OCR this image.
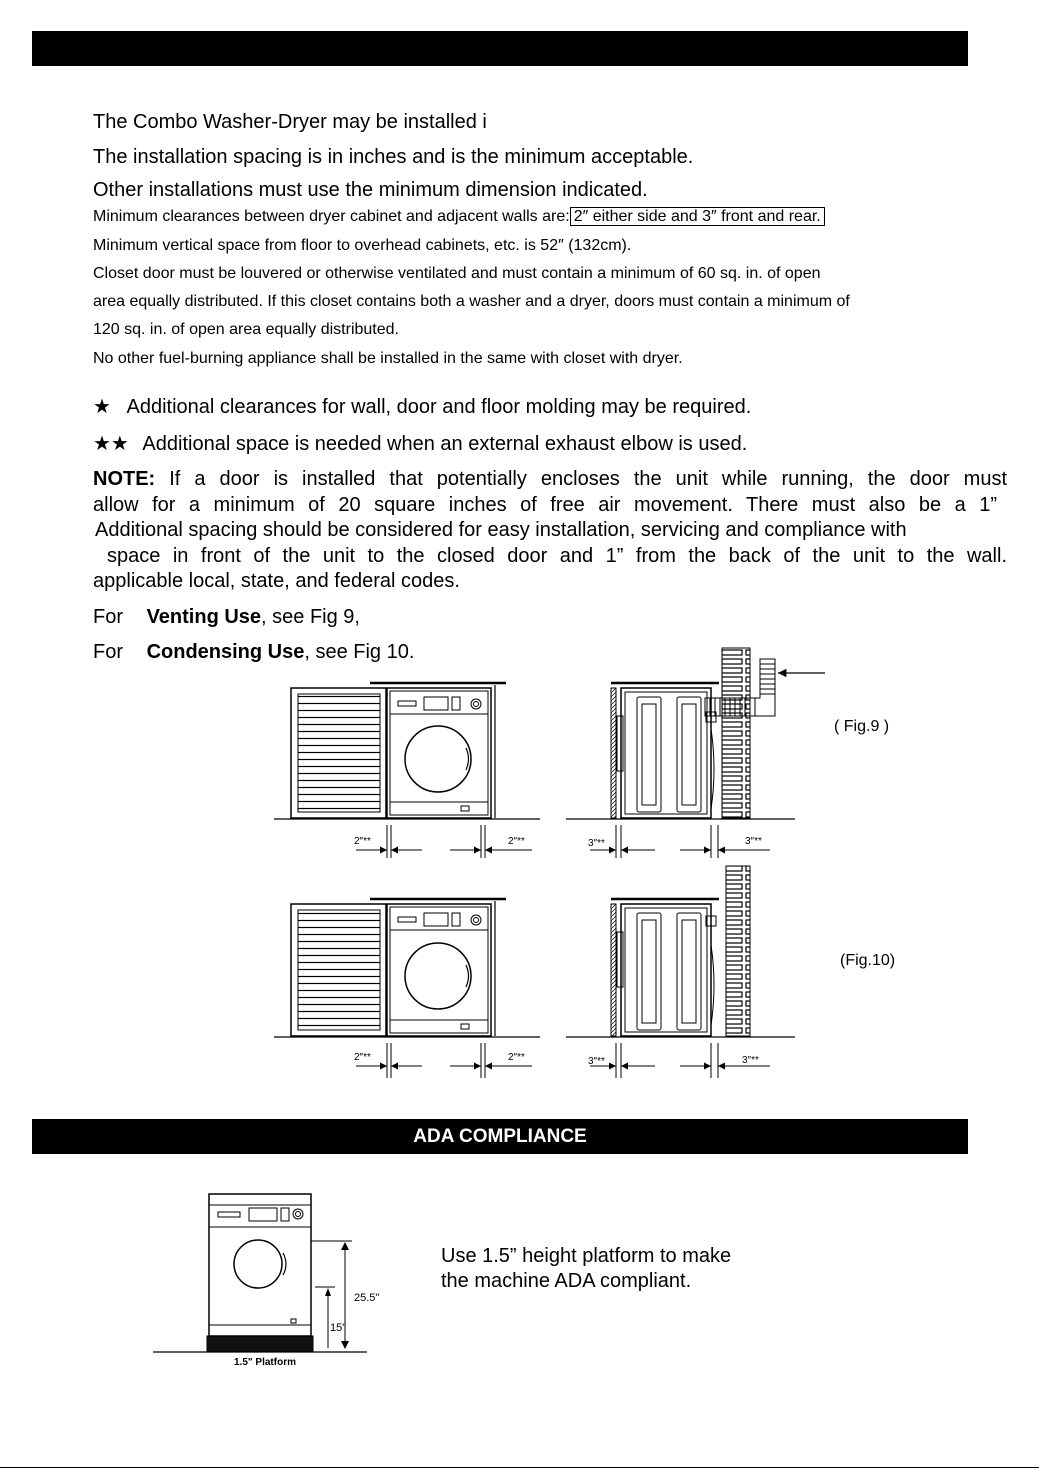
The Combo Washer-Dryer may be installed i
The installation spacing is in inches and is the minimum acceptable.
Other installations must use the minimum dimension indicated.
Minimum clearances between dryer cabinet and adjacent walls are: 2″ either side and 3″ front and rear.
Minimum vertical space from floor to overhead cabinets, etc. is 52″ (132cm).
Closet door must be louvered or otherwise ventilated and must contain a minimum of 60 sq. in. of open
area equally distributed. If this closet contains both a washer and a dryer, doors must contain a minimum of
120 sq. in. of open area equally distributed.
No other fuel-burning appliance shall be installed in the same with closet with dryer.
★ Additional clearances for wall, door and floor molding may be required.
★★ Additional space is needed when an external exhaust elbow is used.
NOTE: If a door is installed that potentially encloses the unit while running, the door must
allow for a minimum of 20 square inches of free air movement. There must also be a 1”
Additional spacing should be considered for easy installation, servicing and compliance with
space in front of the unit to the closed door and 1” from the back of the unit to the wall.
applicable local, state, and federal codes.
For Venting Use, see Fig 9,
For Condensing Use, see Fig 10.
( Fig.9 )
(Fig.10)
2″**	2″**	3″**	3″**
2″**	2″**	3″**	3″**
ADA COMPLIANCE
Use 1.5” height platform to make
the machine ADA compliant.
25.5"
15"
1.5" Platform
